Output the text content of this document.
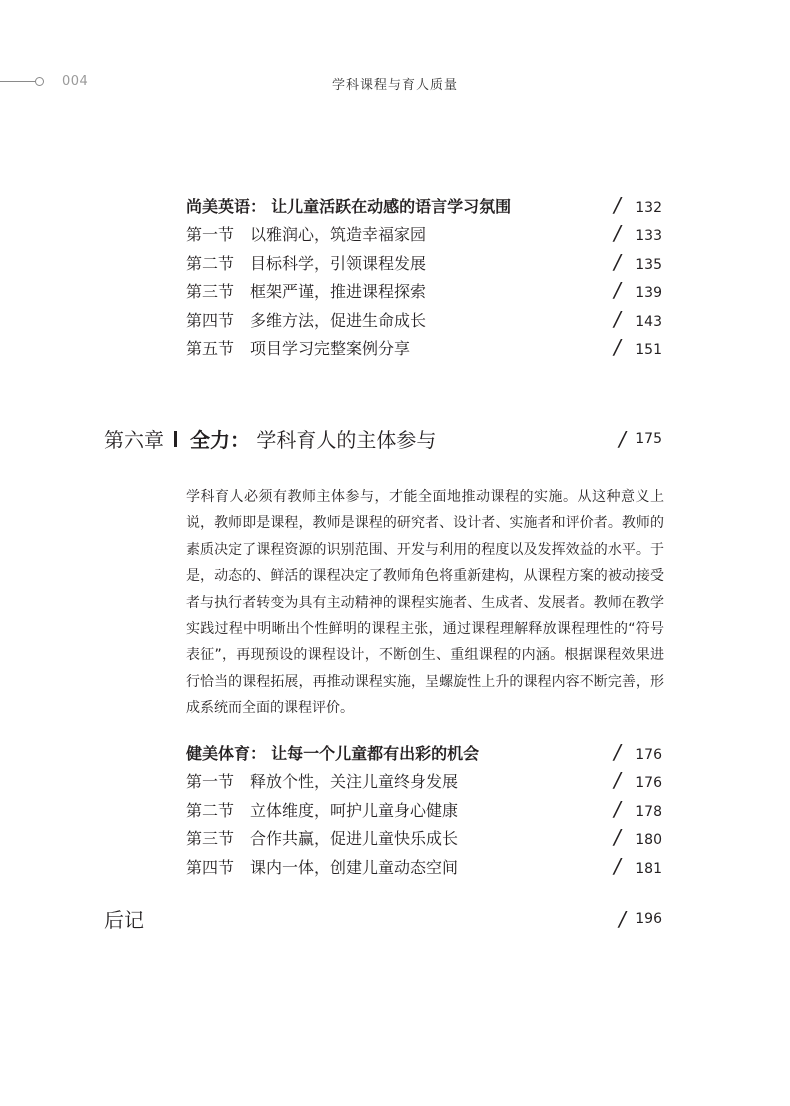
004	学科课程与育人质量
尚美英语： 让儿童活跃在动感的语言学习氛围	/ 132
第一节 以雅润心，筑造幸福家园	/ 133
第二节 目标科学，引领课程发展	/ 135
第三节 框架严谨，推进课程探索	/ 139
第四节 多维方法，促进生命成长	/ 143
第五节 项目学习完整案例分享	/ 151
第六章 全力： 学科育人的主体参与	/ 175
学科育人必须有教师主体参与，才能全面地推动课程的实施。从这种意义上说，教师即是课程，教师是课程的研究者、设计者、实施者和评价者。教师的素质决定了课程资源的识别范围、开发与利用的程度以及发挥效益的水平。于是，动态的、鲜活的课程决定了教师角色将重新建构，从课程方案的被动接受者与执行者转变为具有主动精神的课程实施者、生成者、发展者。教师在教学实践过程中明晰出个性鲜明的课程主张，通过课程理解释放课程理性的“符号表征”，再现预设的课程设计，不断创生、重组课程的内涵。根据课程效果进行恰当的课程拓展，再推动课程实施，呈螺旋性上升的课程内容不断完善，形成系统而全面的课程评价。
健美体育： 让每一个儿童都有出彩的机会	/ 176
第一节 释放个性，关注儿童终身发展	/ 176
第二节 立体维度，呵护儿童身心健康	/ 178
第三节 合作共赢，促进儿童快乐成长	/ 180
第四节 课内一体，创建儿童动态空间	/ 181
后记	/ 196
